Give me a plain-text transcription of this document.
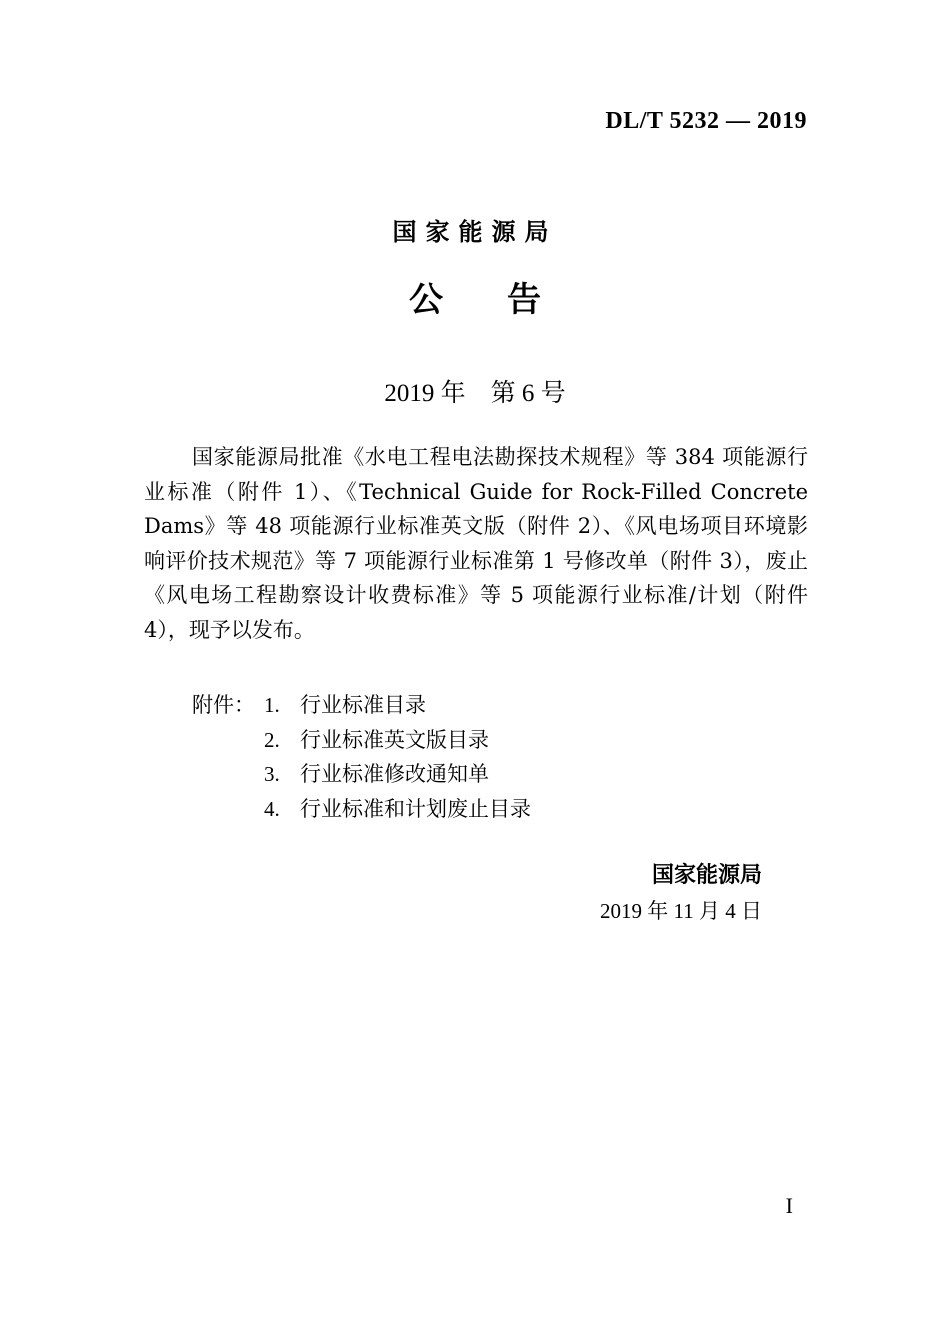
DL/T 5232 — 2019
国家能源局
公 告
2019 年　第 6 号

国家能源局批准《水电工程电法勘探技术规程》等 384 项能源行业标准（附件 1）、《Technical Guide for Rock-Filled Concrete Dams》等 48 项能源行业标准英文版（附件 2）、《风电场项目环境影响评价技术规范》等 7 项能源行业标准第 1 号修改单（附件 3），废止《风电场工程勘察设计收费标准》等 5 项能源行业标准/计划（附件 4），现予以发布。

附件： 1. 行业标准目录
2. 行业标准英文版目录
3. 行业标准修改通知单
4. 行业标准和计划废止目录
国家能源局
2019 年 11 月 4 日
I
